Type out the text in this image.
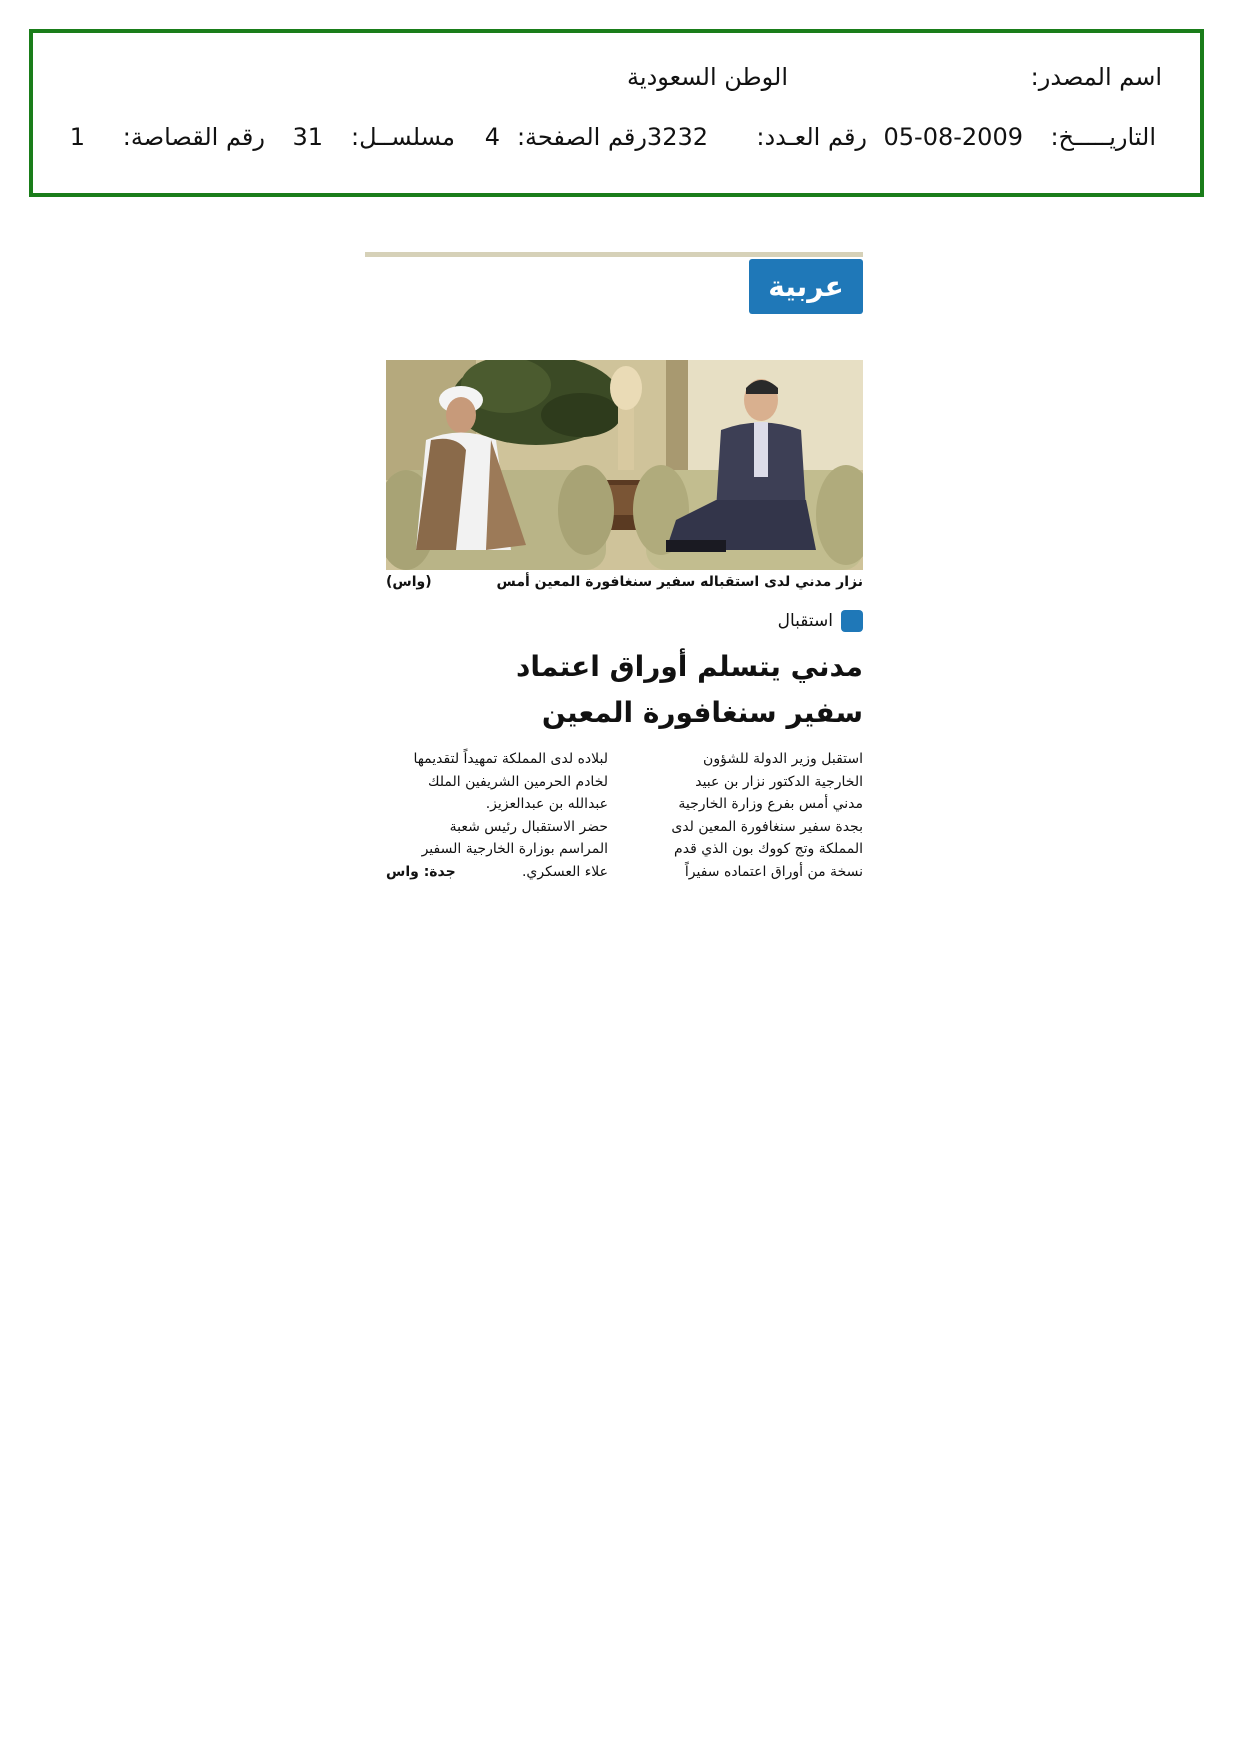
اسم المصدر:
الوطن السعودية
التاريـــــخ:
05-08-2009
رقم العـدد:
3232
رقم الصفحة:
4
مسلســل:
31
رقم القصاصة:
1
عربية
نزار مدني لدى استقباله سفير سنغافورة المعين أمس
(واس)
استقبال
مدني يتسلم أوراق اعتماد
سفير سنغافورة المعين
استقبل وزير الدولة للشؤون
الخارجية الدكتور نزار بن عبيد
مدني أمس بفرع وزارة الخارجية
بجدة سفير سنغافورة المعين لدى
المملكة وتج كووك بون الذي قدم
نسخة من أوراق اعتماده سفيراً
لبلاده لدى المملكة تمهيداً لتقديمها
لخادم الحرمين الشريفين الملك
عبدالله بن عبدالعزيز.
حضر الاستقبال رئيس شعبة
المراسم بوزارة الخارجية السفير
علاء العسكري.
جدة: واس
